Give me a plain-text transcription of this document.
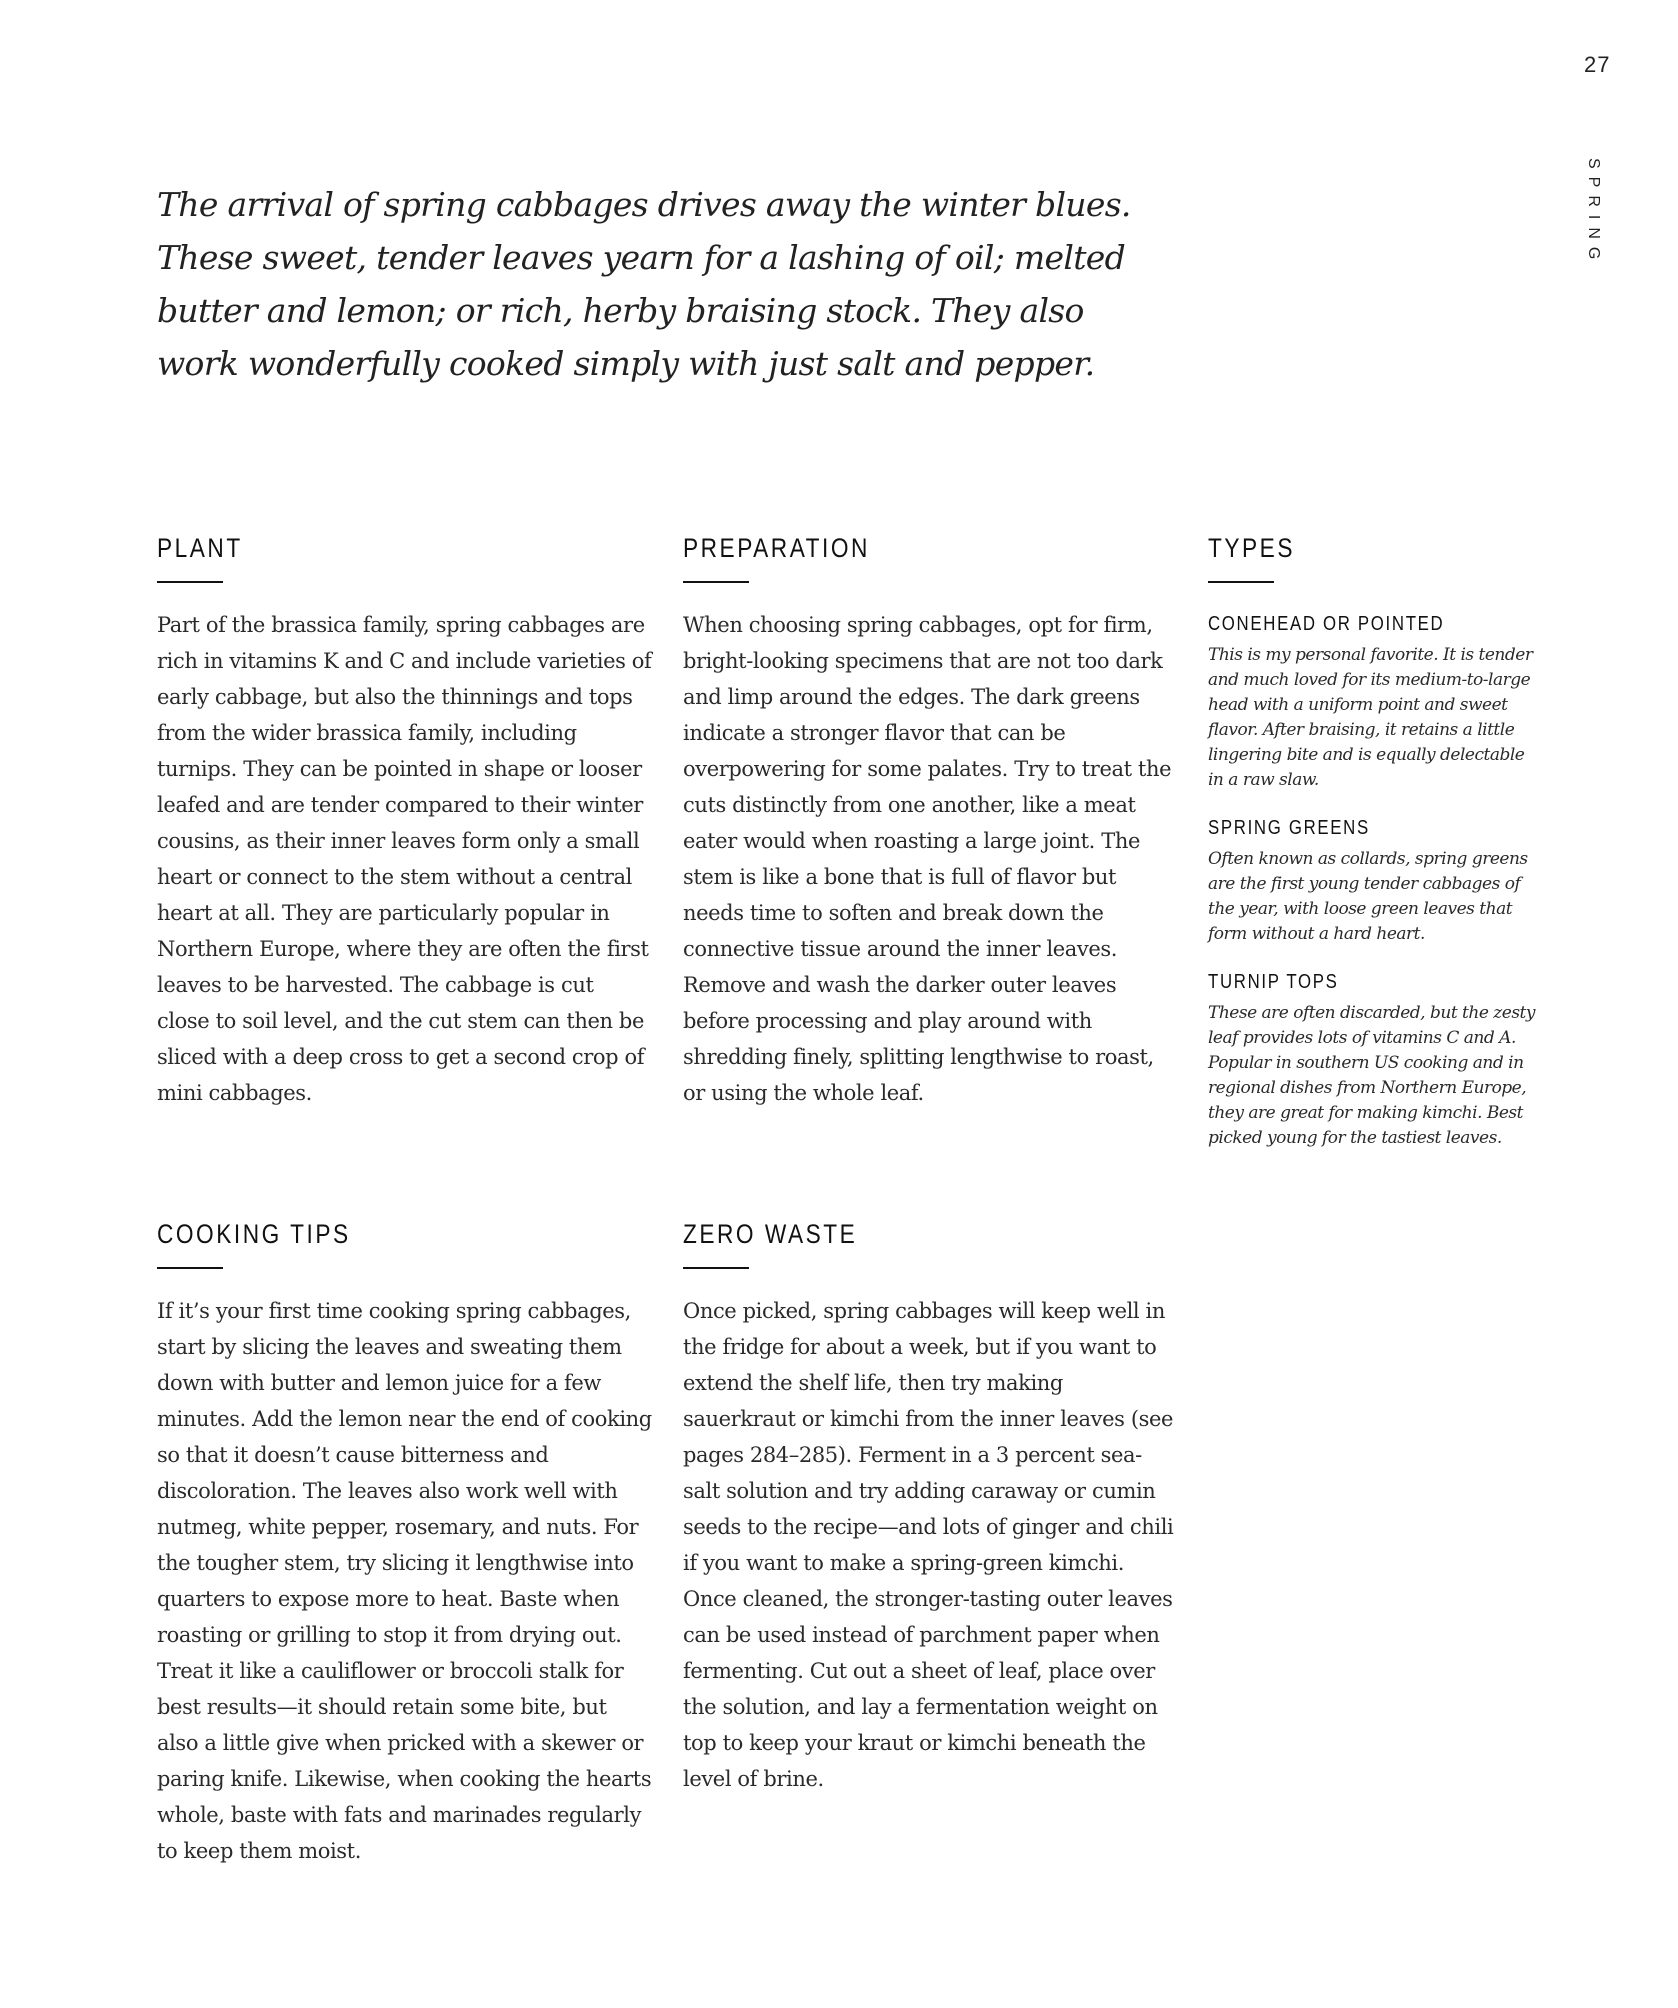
27
SPRING

The arrival of spring cabbages drives away the winter blues. These sweet, tender leaves yearn for a lashing of oil; melted butter and lemon; or rich, herby braising stock. They also work wonderfully cooked simply with just salt and pepper.

PLANT

Part of the brassica family, spring cabbages are rich in vitamins K and C and include varieties of early cabbage, but also the thinnings and tops from the wider brassica family, including turnips. They can be pointed in shape or looser leafed and are tender compared to their winter cousins, as their inner leaves form only a small heart or connect to the stem without a central heart at all. They are particularly popular in Northern Europe, where they are often the first leaves to be harvested. The cabbage is cut close to soil level, and the cut stem can then be sliced with a deep cross to get a second crop of mini cabbages.

PREPARATION

When choosing spring cabbages, opt for firm, bright-looking specimens that are not too dark and limp around the edges. The dark greens indicate a stronger flavor that can be overpowering for some palates. Try to treat the cuts distinctly from one another, like a meat eater would when roasting a large joint. The stem is like a bone that is full of flavor but needs time to soften and break down the connective tissue around the inner leaves. Remove and wash the darker outer leaves before processing and play around with shredding finely, splitting lengthwise to roast, or using the whole leaf.

TYPES
CONEHEAD OR POINTED

This is my personal favorite. It is tender and much loved for its medium-to-large head with a uniform point and sweet flavor. After braising, it retains a little lingering bite and is equally delectable in a raw slaw.

SPRING GREENS

Often known as collards, spring greens are the first young tender cabbages of the year, with loose green leaves that form without a hard heart.

TURNIP TOPS

These are often discarded, but the zesty leaf provides lots of vitamins C and A. Popular in southern US cooking and in regional dishes from Northern Europe, they are great for making kimchi. Best picked young for the tastiest leaves.

COOKING TIPS

If it’s your first time cooking spring cabbages, start by slicing the leaves and sweating them down with butter and lemon juice for a few minutes. Add the lemon near the end of cooking so that it doesn’t cause bitterness and discoloration. The leaves also work well with nutmeg, white pepper, rosemary, and nuts. For the tougher stem, try slicing it lengthwise into quarters to expose more to heat. Baste when roasting or grilling to stop it from drying out. Treat it like a cauliflower or broccoli stalk for best results—it should retain some bite, but also a little give when pricked with a skewer or paring knife. Likewise, when cooking the hearts whole, baste with fats and marinades regularly to keep them moist.

ZERO WASTE

Once picked, spring cabbages will keep well in the fridge for about a week, but if you want to extend the shelf life, then try making sauerkraut or kimchi from the inner leaves (see pages 284–285). Ferment in a 3 percent sea-salt solution and try adding caraway or cumin seeds to the recipe—and lots of ginger and chili if you want to make a spring-green kimchi. Once cleaned, the stronger-tasting outer leaves can be used instead of parchment paper when fermenting. Cut out a sheet of leaf, place over the solution, and lay a fermentation weight on top to keep your kraut or kimchi beneath the level of brine.
